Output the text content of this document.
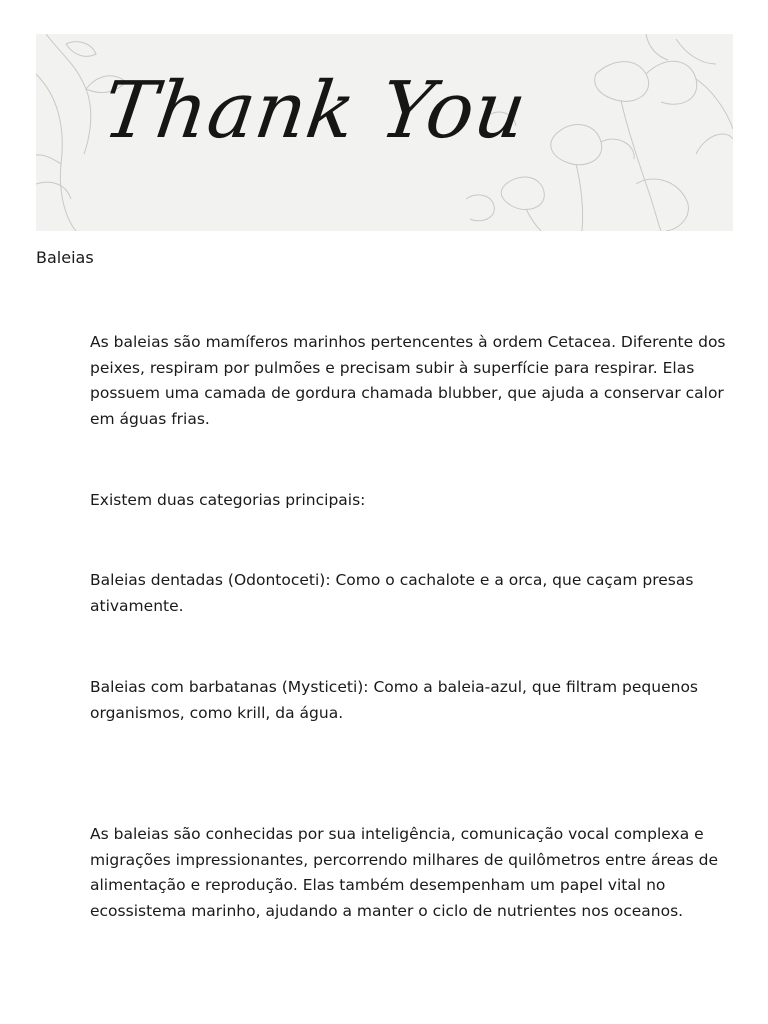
Thank You
Baleias

As baleias são mamíferos marinhos pertencentes à ordem Cetacea. Diferente dos peixes, respiram por pulmões e precisam subir à superfície para respirar. Elas possuem uma camada de gordura chamada blubber, que ajuda a conservar calor em águas frias.

Existem duas categorias principais:

Baleias dentadas (Odontoceti): Como o cachalote e a orca, que caçam presas ativamente.

Baleias com barbatanas (Mysticeti): Como a baleia-azul, que filtram pequenos organismos, como krill, da água.

As baleias são conhecidas por sua inteligência, comunicação vocal complexa e migrações impressionantes, percorrendo milhares de quilômetros entre áreas de alimentação e reprodução. Elas também desempenham um papel vital no ecossistema marinho, ajudando a manter o ciclo de nutrientes nos oceanos.
